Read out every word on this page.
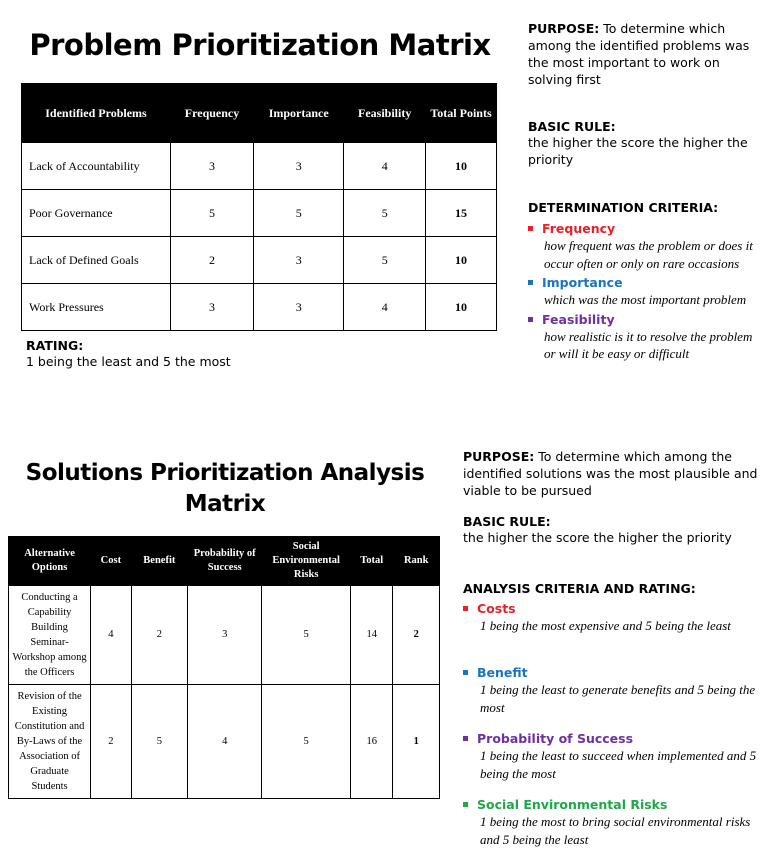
Problem Prioritization Matrix
Identified Problems	Frequency	Importance	Feasibility	Total Points
Lack of Accountability	3	3	4	10
Poor Governance	5	5	5	15
Lack of Defined Goals	2	3	5	10
Work Pressures	3	3	4	10
RATING:
1 being the least and 5 the most
PURPOSE: To determine which among the identified problems was the most important to work on solving first
BASIC RULE:
the higher the score the higher the priority
DETERMINATION CRITERIA:
Frequency
how frequent was the problem or does it occur often or only on rare occasions
Importance
which was the most important problem
Feasibility
how realistic is it to resolve the problem or will it be easy or difficult
Solutions Prioritization Analysis Matrix
Alternative Options	Cost	Benefit	Probability of Success	Social Environmental Risks	Total	Rank
Conducting a Capability Building Seminar-Workshop among the Officers	4	2	3	5	14	2
Revision of the Existing Constitution and By-Laws of the Association of Graduate Students	2	5	4	5	16	1
PURPOSE: To determine which among the identified solutions was the most plausible and viable to be pursued
BASIC RULE:
the higher the score the higher the priority
ANALYSIS CRITERIA AND RATING:
Costs
1 being the most expensive and 5 being the least
Benefit
1 being the least to generate benefits and 5 being the most
Probability of Success
1 being the least to succeed when implemented and 5 being the most
Social Environmental Risks
1 being the most to bring social environmental risks and 5 being the least
